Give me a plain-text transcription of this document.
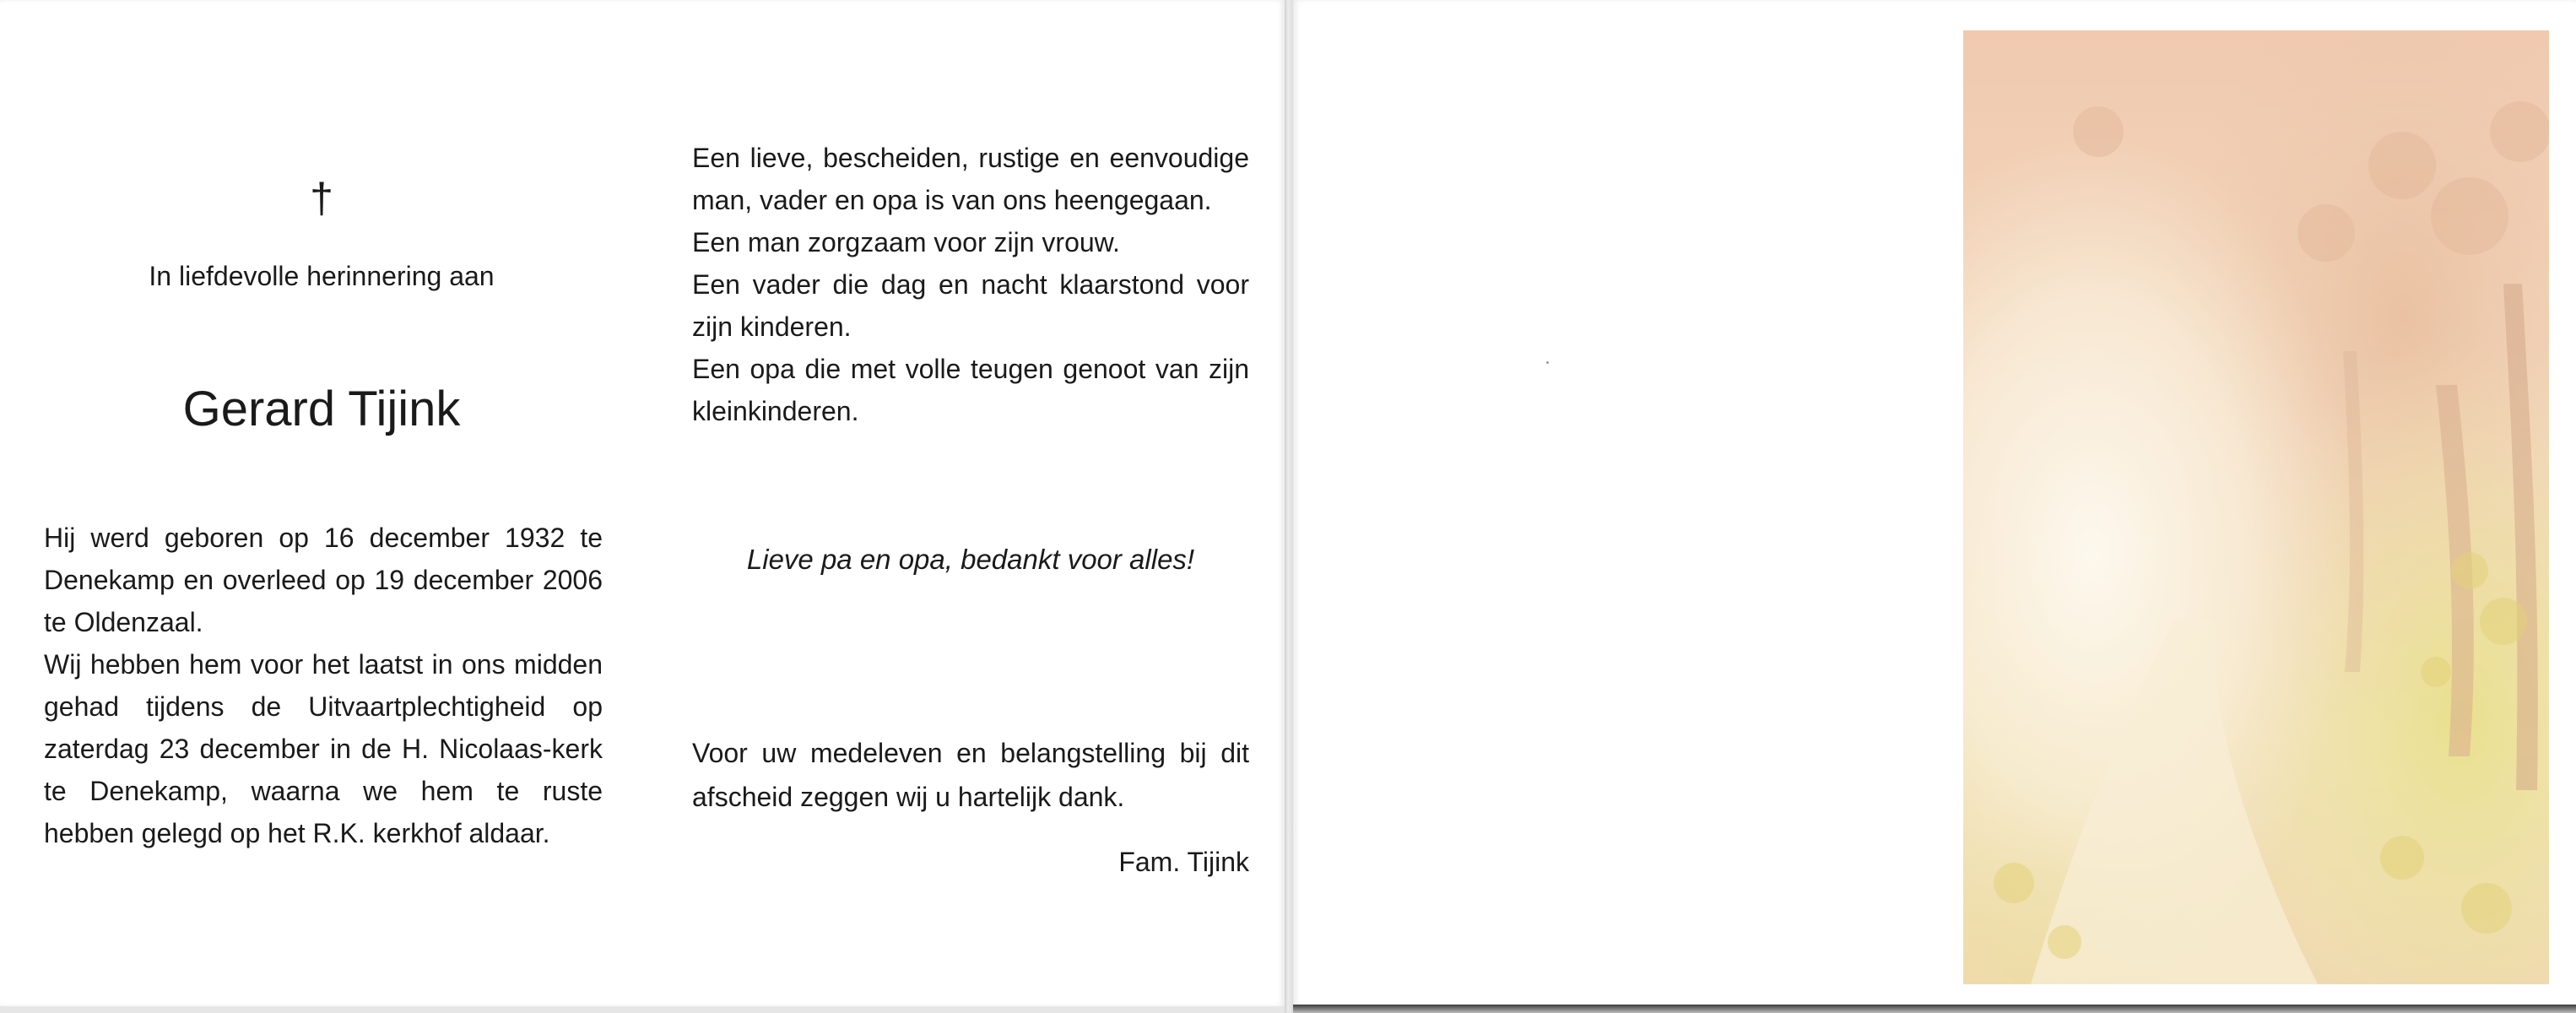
†
In liefdevolle herinnering aan
Gerard Tijink

Hij werd geboren op 16 december 1932 te Denekamp en overleed op 19 december 2006 te Oldenzaal.

Wij hebben hem voor het laatst in ons midden gehad tijdens de Uitvaartplechtigheid op zaterdag 23 december in de H. Nicolaas-kerk te Denekamp, waarna we hem te ruste hebben gelegd op het R.K. kerkhof aldaar.

Een lieve, bescheiden, rustige en eenvoudige man, vader en opa is van ons heengegaan.

Een man zorgzaam voor zijn vrouw.

Een vader die dag en nacht klaarstond voor zijn kinderen.

Een opa die met volle teugen genoot van zijn kleinkinderen.

Lieve pa en opa, bedankt voor alles!
Voor uw medeleven en belangstelling bij dit afscheid zeggen wij u hartelijk dank.
Fam. Tijink
